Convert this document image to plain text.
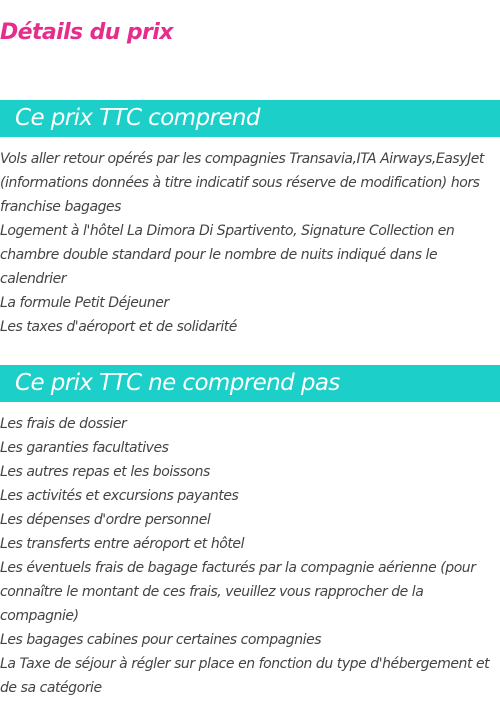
Détails du prix
Ce prix TTC comprend
Vols aller retour opérés par les compagnies Transavia,ITA Airways,EasyJet (informations données à titre indicatif sous réserve de modification) hors franchise bagages
Logement à l'hôtel La Dimora Di Spartivento, Signature Collection en chambre double standard pour le nombre de nuits indiqué dans le calendrier
La formule Petit Déjeuner
Les taxes d'aéroport et de solidarité
Ce prix TTC ne comprend pas
Les frais de dossier
Les garanties facultatives
Les autres repas et les boissons
Les activités et excursions payantes
Les dépenses d'ordre personnel
Les transferts entre aéroport et hôtel
Les éventuels frais de bagage facturés par la compagnie aérienne (pour connaître le montant de ces frais, veuillez vous rapprocher de la compagnie)
Les bagages cabines pour certaines compagnies
La Taxe de séjour à régler sur place en fonction du type d'hébergement et de sa catégorie
